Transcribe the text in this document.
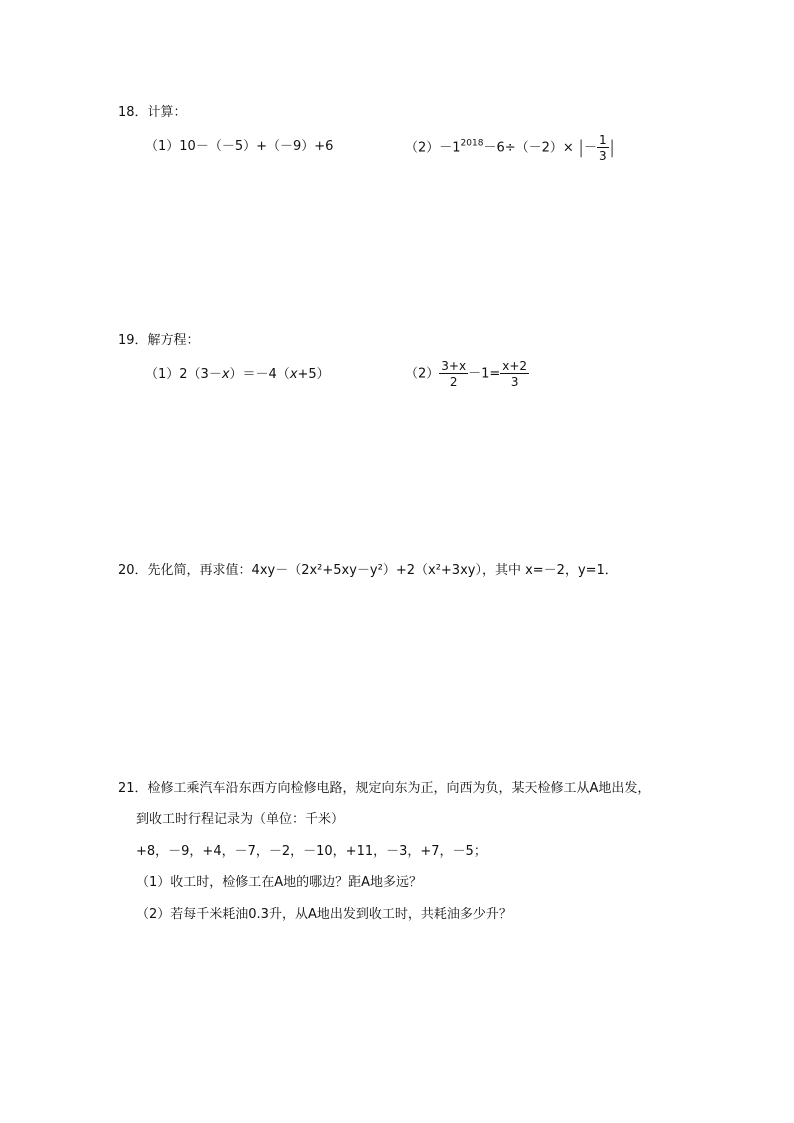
18．计算：
（1）10－（－5）+（－9）+6	$(2)-1^{2018}-6\div(-2)\times$ |－ $\frac{1}{3}$ |
19．解方程：
（1）2（3－x）＝－4（x+5）	$(2) \frac{3+x}{2} -1= \frac{x+2}{3}$
20．先化简，再求值：4xy－（2x²+5xy－y²）+2（x²+3xy），其中 x=－2，y=1．
21．检修工乘汽车沿东西方向检修电路，规定向东为正，向西为负，某天检修工从A地出发，
到收工时行程记录为（单位：千米）
+8，－9，+4，－7，－2，－10，+11，－3，+7，－5；
（1）收工时，检修工在A地的哪边？距A地多远？
（2）若每千米耗油0.3升，从A地出发到收工时，共耗油多少升？
